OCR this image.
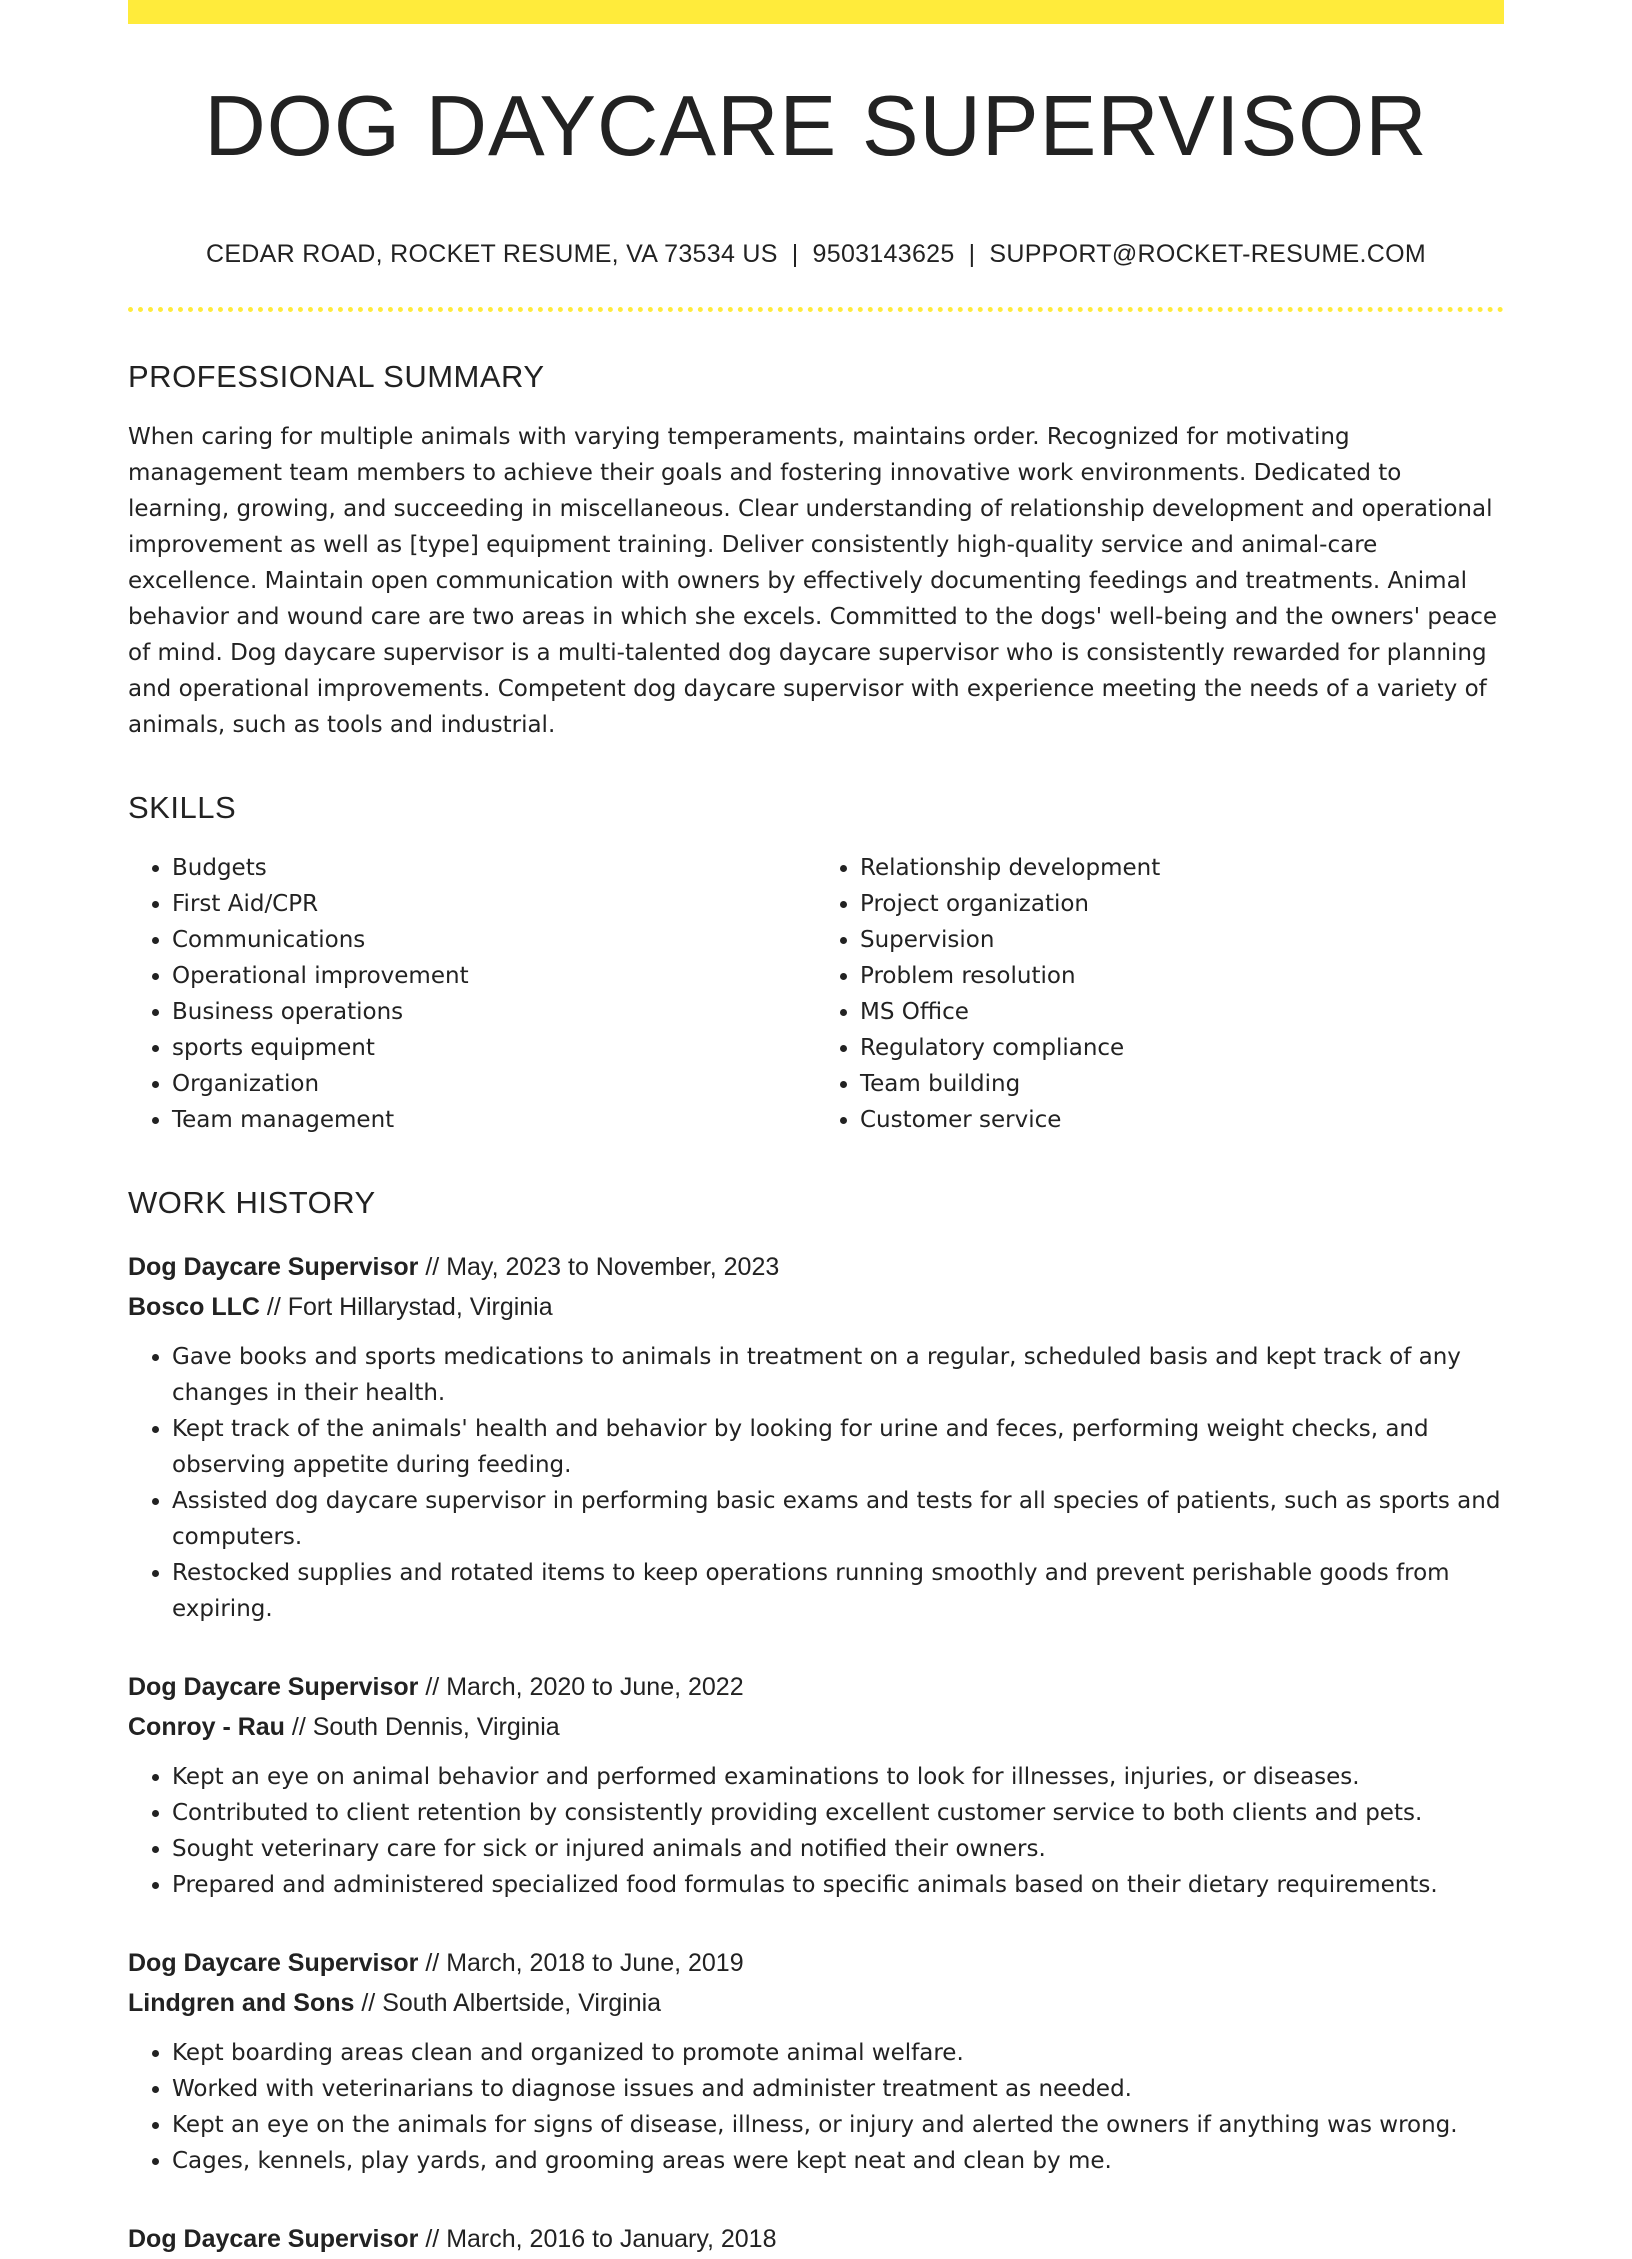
DOG DAYCARE SUPERVISOR
CEDAR ROAD, ROCKET RESUME, VA 73534 US | 9503143625 | SUPPORT@ROCKET-RESUME.COM
PROFESSIONAL SUMMARY

When caring for multiple animals with varying temperaments, maintains order. Recognized for motivating management team members to achieve their goals and fostering innovative work environments. Dedicated to learning, growing, and succeeding in miscellaneous. Clear understanding of relationship development and operational improvement as well as [type] equipment training. Deliver consistently high-quality service and animal-care excellence. Maintain open communication with owners by effectively documenting feedings and treatments. Animal behavior and wound care are two areas in which she excels. Committed to the dogs' well-being and the owners' peace of mind. Dog daycare supervisor is a multi-talented dog daycare supervisor who is consistently rewarded for planning and operational improvements. Competent dog daycare supervisor with experience meeting the needs of a variety of animals, such as tools and industrial.

SKILLS
• Budgets
• First Aid/CPR
• Communications
• Operational improvement
• Business operations
• sports equipment
• Organization
• Team management
• Relationship development
• Project organization
• Supervision
• Problem resolution
• MS Office
• Regulatory compliance
• Team building
• Customer service
WORK HISTORY
Dog Daycare Supervisor // May, 2023 to November, 2023
Bosco LLC // Fort Hillarystad, Virginia
• Gave books and sports medications to animals in treatment on a regular, scheduled basis and kept track of any changes in their health.
• Kept track of the animals' health and behavior by looking for urine and feces, performing weight checks, and observing appetite during feeding.
• Assisted dog daycare supervisor in performing basic exams and tests for all species of patients, such as sports and computers.
• Restocked supplies and rotated items to keep operations running smoothly and prevent perishable goods from expiring.
Dog Daycare Supervisor // March, 2020 to June, 2022
Conroy - Rau // South Dennis, Virginia
• Kept an eye on animal behavior and performed examinations to look for illnesses, injuries, or diseases.
• Contributed to client retention by consistently providing excellent customer service to both clients and pets.
• Sought veterinary care for sick or injured animals and notified their owners.
• Prepared and administered specialized food formulas to specific animals based on their dietary requirements.
Dog Daycare Supervisor // March, 2018 to June, 2019
Lindgren and Sons // South Albertside, Virginia
• Kept boarding areas clean and organized to promote animal welfare.
• Worked with veterinarians to diagnose issues and administer treatment as needed.
• Kept an eye on the animals for signs of disease, illness, or injury and alerted the owners if anything was wrong.
• Cages, kennels, play yards, and grooming areas were kept neat and clean by me.
Dog Daycare Supervisor // March, 2016 to January, 2018
